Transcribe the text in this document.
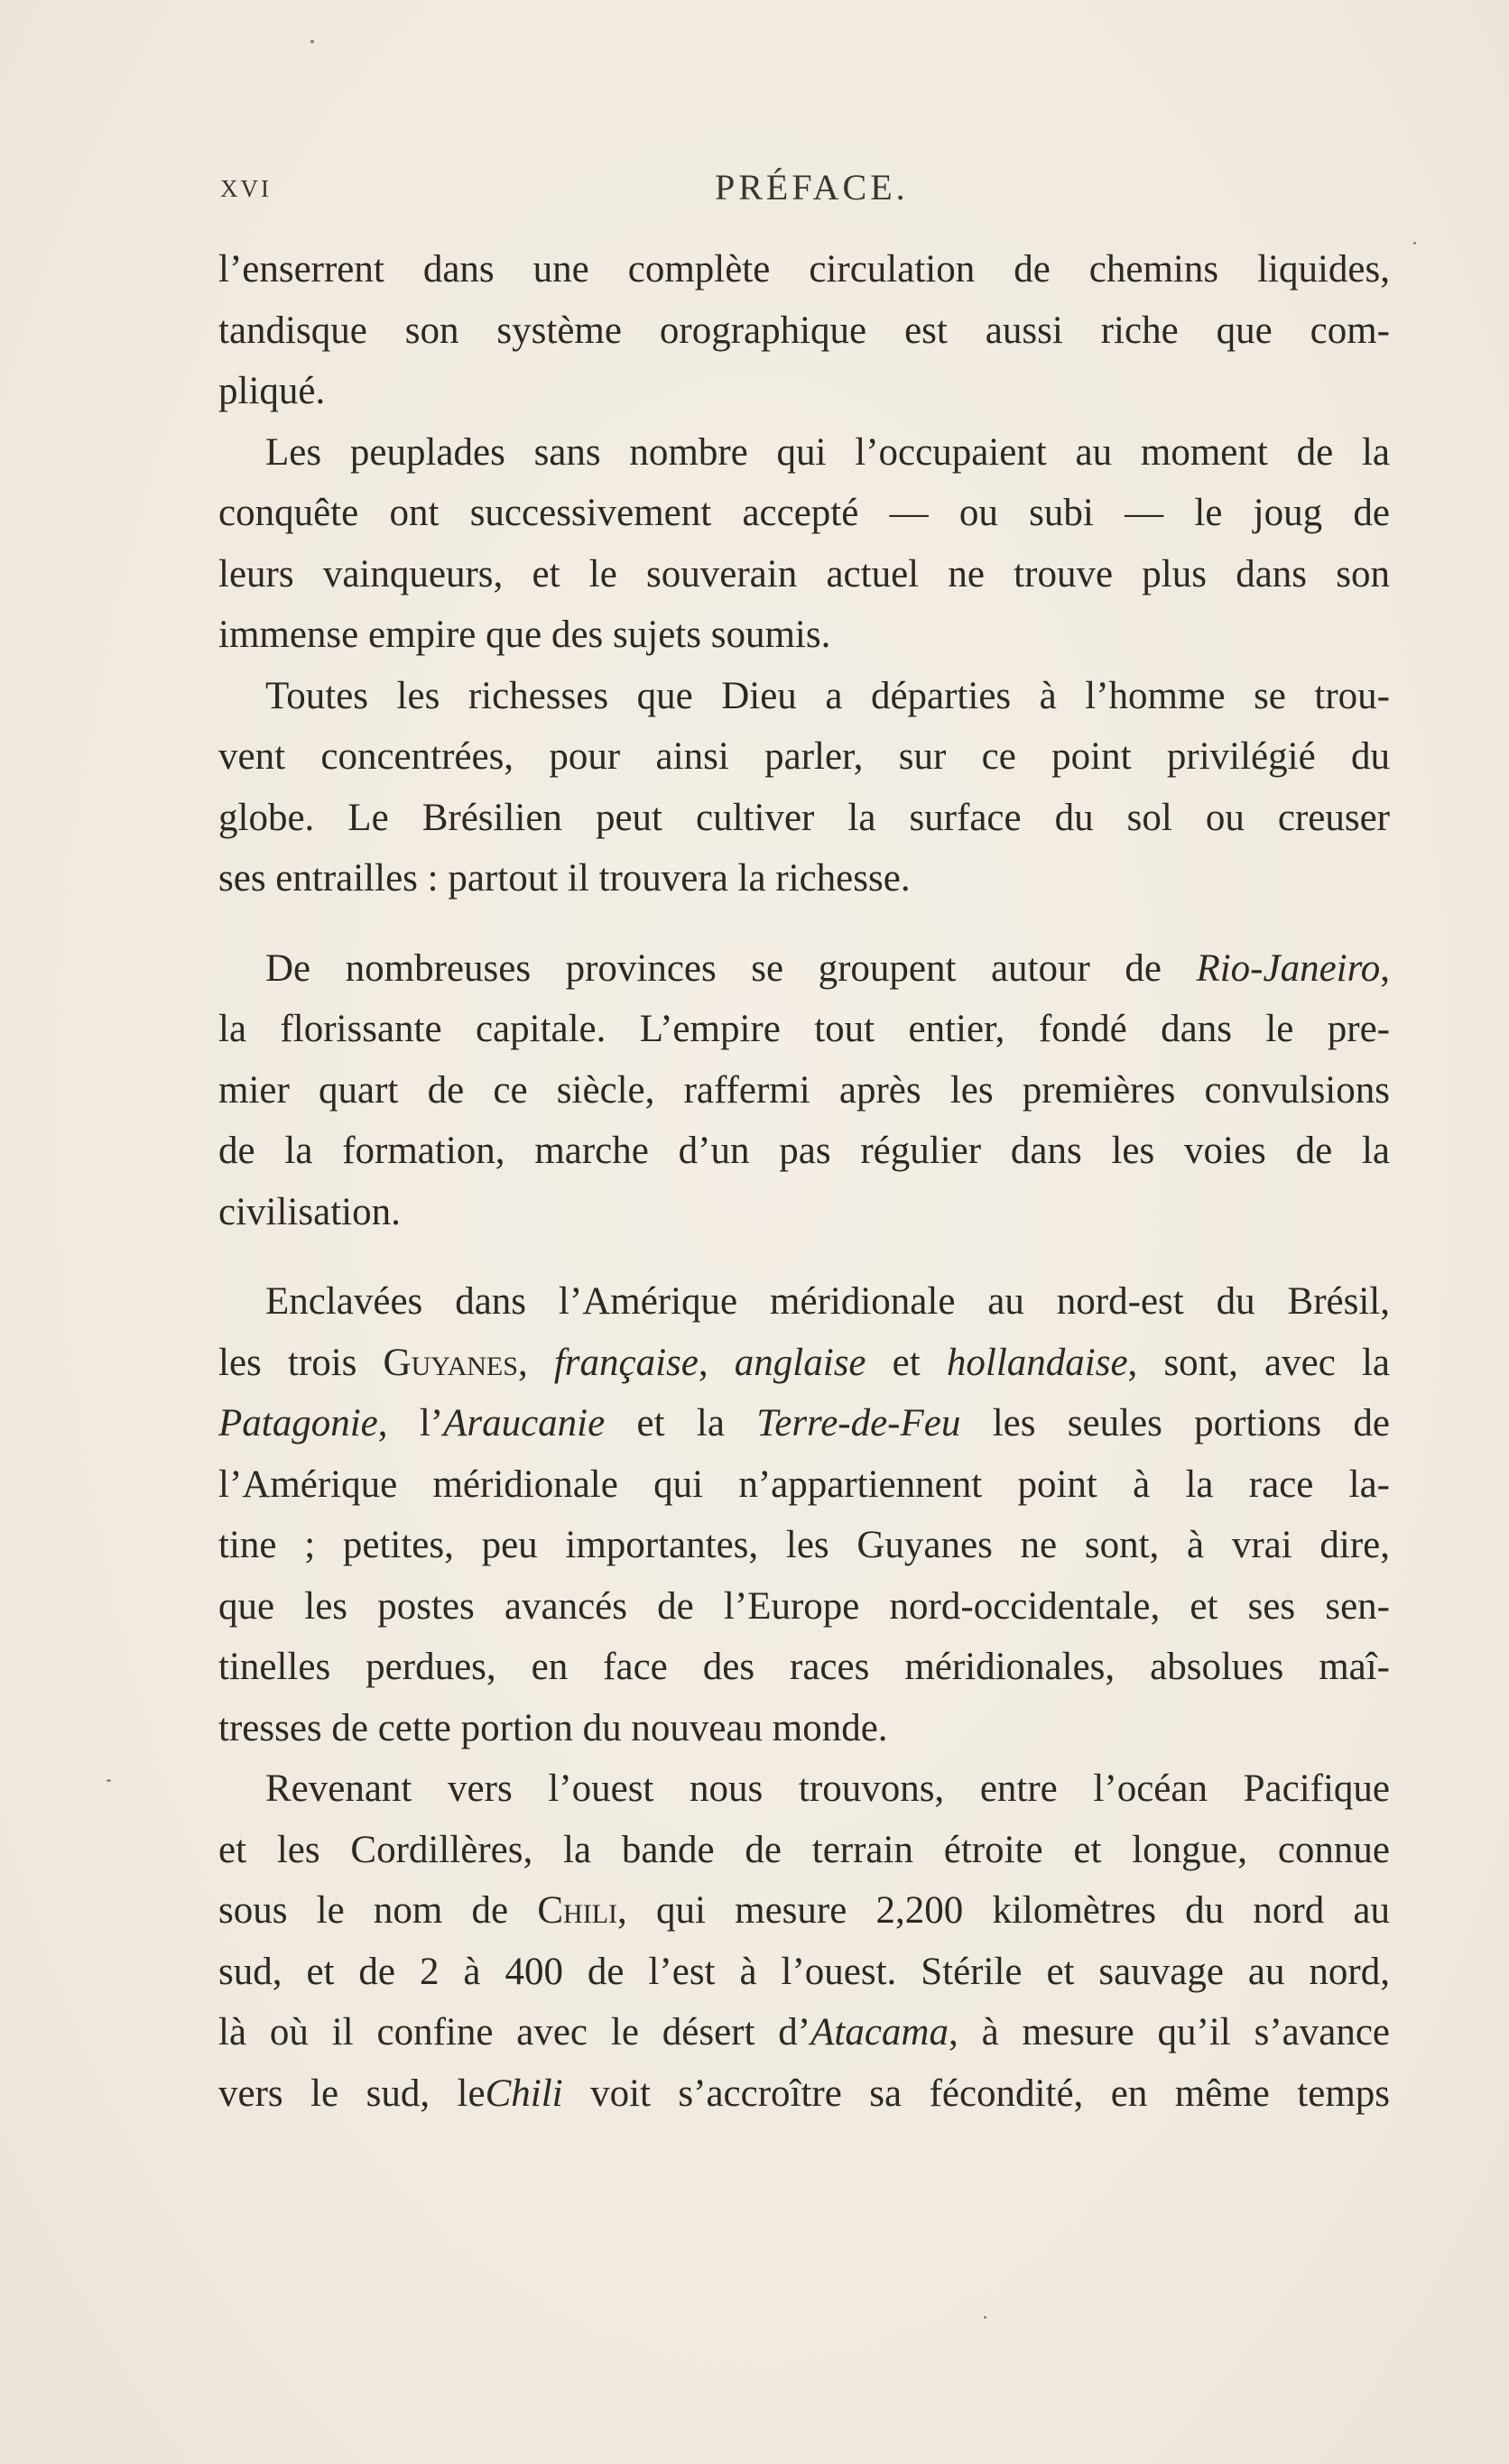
XVI	PRÉFACE.
l’enserrent dans une complète circulation de chemins liquides,
tandisque son système orographique est aussi riche que com-
pliqué.
Les peuplades sans nombre qui l’occupaient au moment de la
conquête ont successivement accepté — ou subi — le joug de
leurs vainqueurs, et le souverain actuel ne trouve plus dans son
immense empire que des sujets soumis.
Toutes les richesses que Dieu a départies à l’homme se trou-
vent concentrées, pour ainsi parler, sur ce point privilégié du
globe. Le Brésilien peut cultiver la surface du sol ou creuser
ses entrailles : partout il trouvera la richesse.
De nombreuses provinces se groupent autour de Rio-Janeiro,
la florissante capitale. L’empire tout entier, fondé dans le pre-
mier quart de ce siècle, raffermi après les premières convulsions
de la formation, marche d’un pas régulier dans les voies de la
civilisation.
Enclavées dans l’Amérique méridionale au nord-est du Brésil,
les trois Guyanes, française, anglaise et hollandaise, sont, avec la
Patagonie, l’Araucanie et la Terre-de-Feu les seules portions de
l’Amérique méridionale qui n’appartiennent point à la race la-
tine ; petites, peu importantes, les Guyanes ne sont, à vrai dire,
que les postes avancés de l’Europe nord-occidentale, et ses sen-
tinelles perdues, en face des races méridionales, absolues maî-
tresses de cette portion du nouveau monde.
Revenant vers l’ouest nous trouvons, entre l’océan Pacifique
et les Cordillères, la bande de terrain étroite et longue, connue
sous le nom de Chili, qui mesure 2,200 kilomètres du nord au
sud, et de 2 à 400 de l’est à l’ouest. Stérile et sauvage au nord,
là où il confine avec le désert d’Atacama, à mesure qu’il s’avance
vers le sud, leChili voit s’accroître sa fécondité, en même temps
